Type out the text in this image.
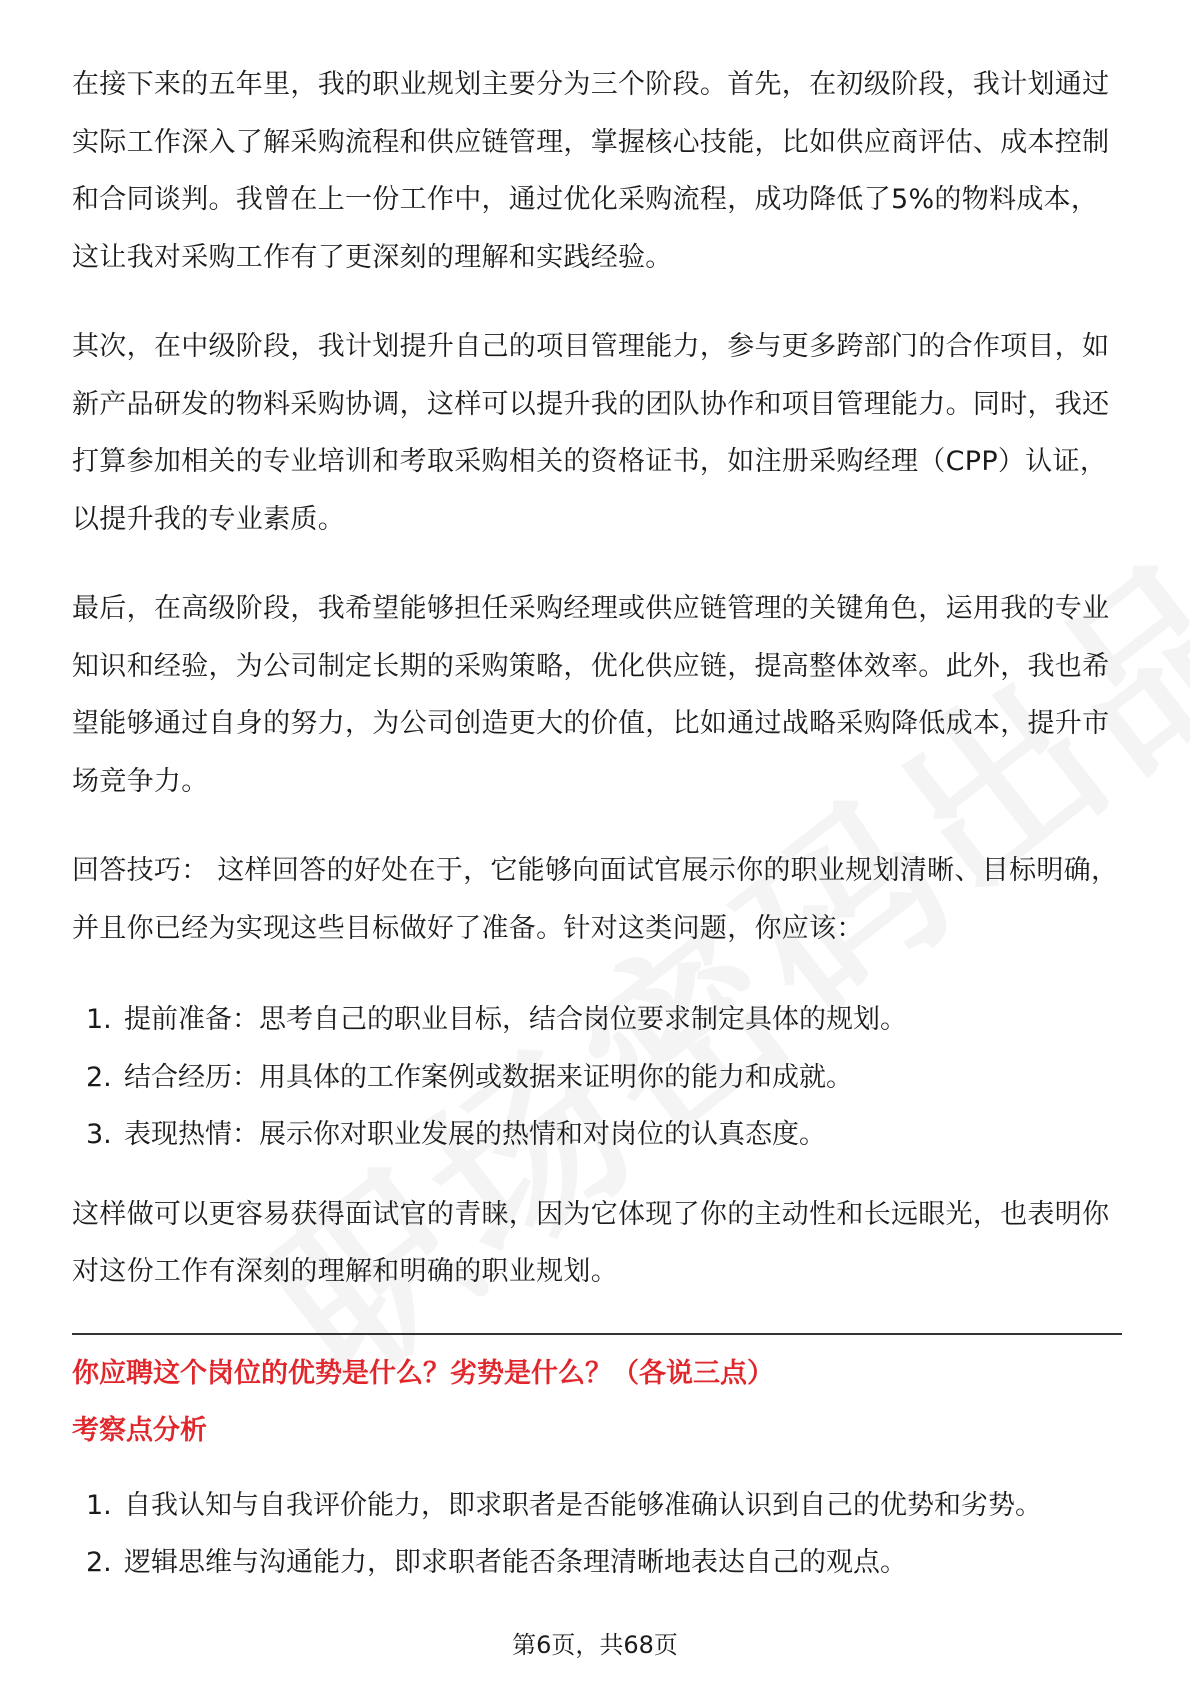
在接下来的五年里，我的职业规划主要分为三个阶段。首先，在初级阶段，我计划通过实际工作深入了解采购流程和供应链管理，掌握核心技能，比如供应商评估、成本控制和合同谈判。我曾在上一份工作中，通过优化采购流程，成功降低了5%的物料成本，这让我对采购工作有了更深刻的理解和实践经验。

其次，在中级阶段，我计划提升自己的项目管理能力，参与更多跨部门的合作项目，如新产品研发的物料采购协调，这样可以提升我的团队协作和项目管理能力。同时，我还打算参加相关的专业培训和考取采购相关的资格证书，如注册采购经理（CPP）认证，以提升我的专业素质。

最后，在高级阶段，我希望能够担任采购经理或供应链管理的关键角色，运用我的专业知识和经验，为公司制定长期的采购策略，优化供应链，提高整体效率。此外，我也希望能够通过自身的努力，为公司创造更大的价值，比如通过战略采购降低成本，提升市场竞争力。

回答技巧： 这样回答的好处在于，它能够向面试官展示你的职业规划清晰、目标明确，并且你已经为实现这些目标做好了准备。针对这类问题，你应该：

1. 提前准备：思考自己的职业目标，结合岗位要求制定具体的规划。
2. 结合经历：用具体的工作案例或数据来证明你的能力和成就。
3. 表现热情：展示你对职业发展的热情和对岗位的认真态度。

这样做可以更容易获得面试官的青睐，因为它体现了你的主动性和长远眼光，也表明你对这份工作有深刻的理解和明确的职业规划。

你应聘这个岗位的优势是什么？劣势是什么？（各说三点）
考察点分析
1. 自我认知与自我评价能力，即求职者是否能够准确认识到自己的优势和劣势。
2. 逻辑思维与沟通能力，即求职者能否条理清晰地表达自己的观点。
第6页，共68页
